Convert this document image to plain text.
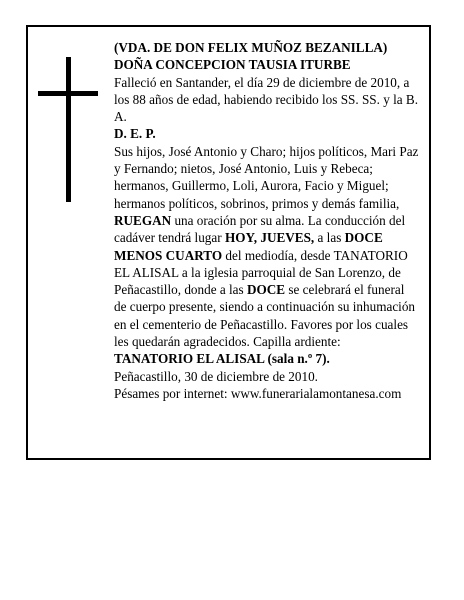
(VDA. DE DON FELIX MUÑOZ BEZANILLA)

DOÑA CONCEPCION TAUSIA ITURBE

Falleció en Santander, el día 29 de diciembre de 2010, a los 88 años de edad, habiendo recibido los SS. SS. y la B. A.

D. E. P.

Sus hijos, José Antonio y Charo; hijos políticos, Mari Paz y Fernando; nietos, José Antonio, Luis y Rebeca; hermanos, Guillermo, Loli, Aurora, Facio y Miguel; hermanos políticos, sobrinos, primos y demás familia, RUEGAN una oración por su alma. La conducción del cadáver tendrá lugar HOY, JUEVES, a las DOCE MENOS CUARTO del mediodía, desde TANATORIO EL ALISAL a la iglesia parroquial de San Lorenzo, de Peñacastillo, donde a las DOCE se celebrará el funeral de cuerpo presente, siendo a continuación su inhumación en el cementerio de Peñacastillo. Favores por los cuales les quedarán agradecidos. Capilla ardiente: TANATORIO EL ALISAL (sala n.º 7).

Peñacastillo, 30 de diciembre de 2010.

Pésames por internet: www.funerarialamontanesa.com
